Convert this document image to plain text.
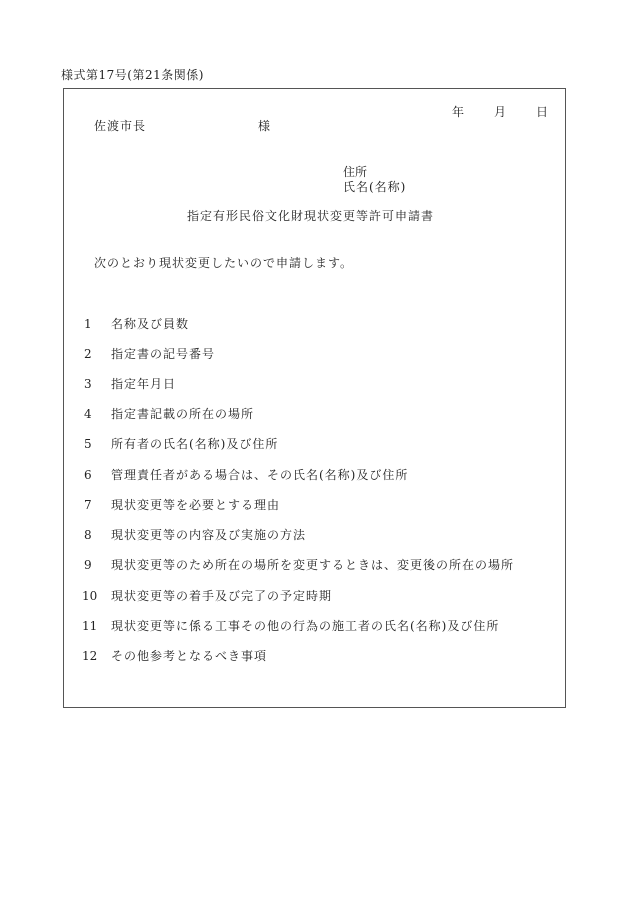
様式第17号(第21条関係)
年 月 日
佐渡市長	様
住所
氏名(名称)
指定有形民俗文化財現状変更等許可申請書
次のとおり現状変更したいので申請します。
1	名称及び員数
2	指定書の記号番号
3	指定年月日
4	指定書記載の所在の場所
5	所有者の氏名(名称)及び住所
6	管理責任者がある場合は、その氏名(名称)及び住所
7	現状変更等を必要とする理由
8	現状変更等の内容及び実施の方法
9	現状変更等のため所在の場所を変更するときは、変更後の所在の場所
10 現状変更等の着手及び完了の予定時期
11 現状変更等に係る工事その他の行為の施工者の氏名(名称)及び住所
12 その他参考となるべき事項
